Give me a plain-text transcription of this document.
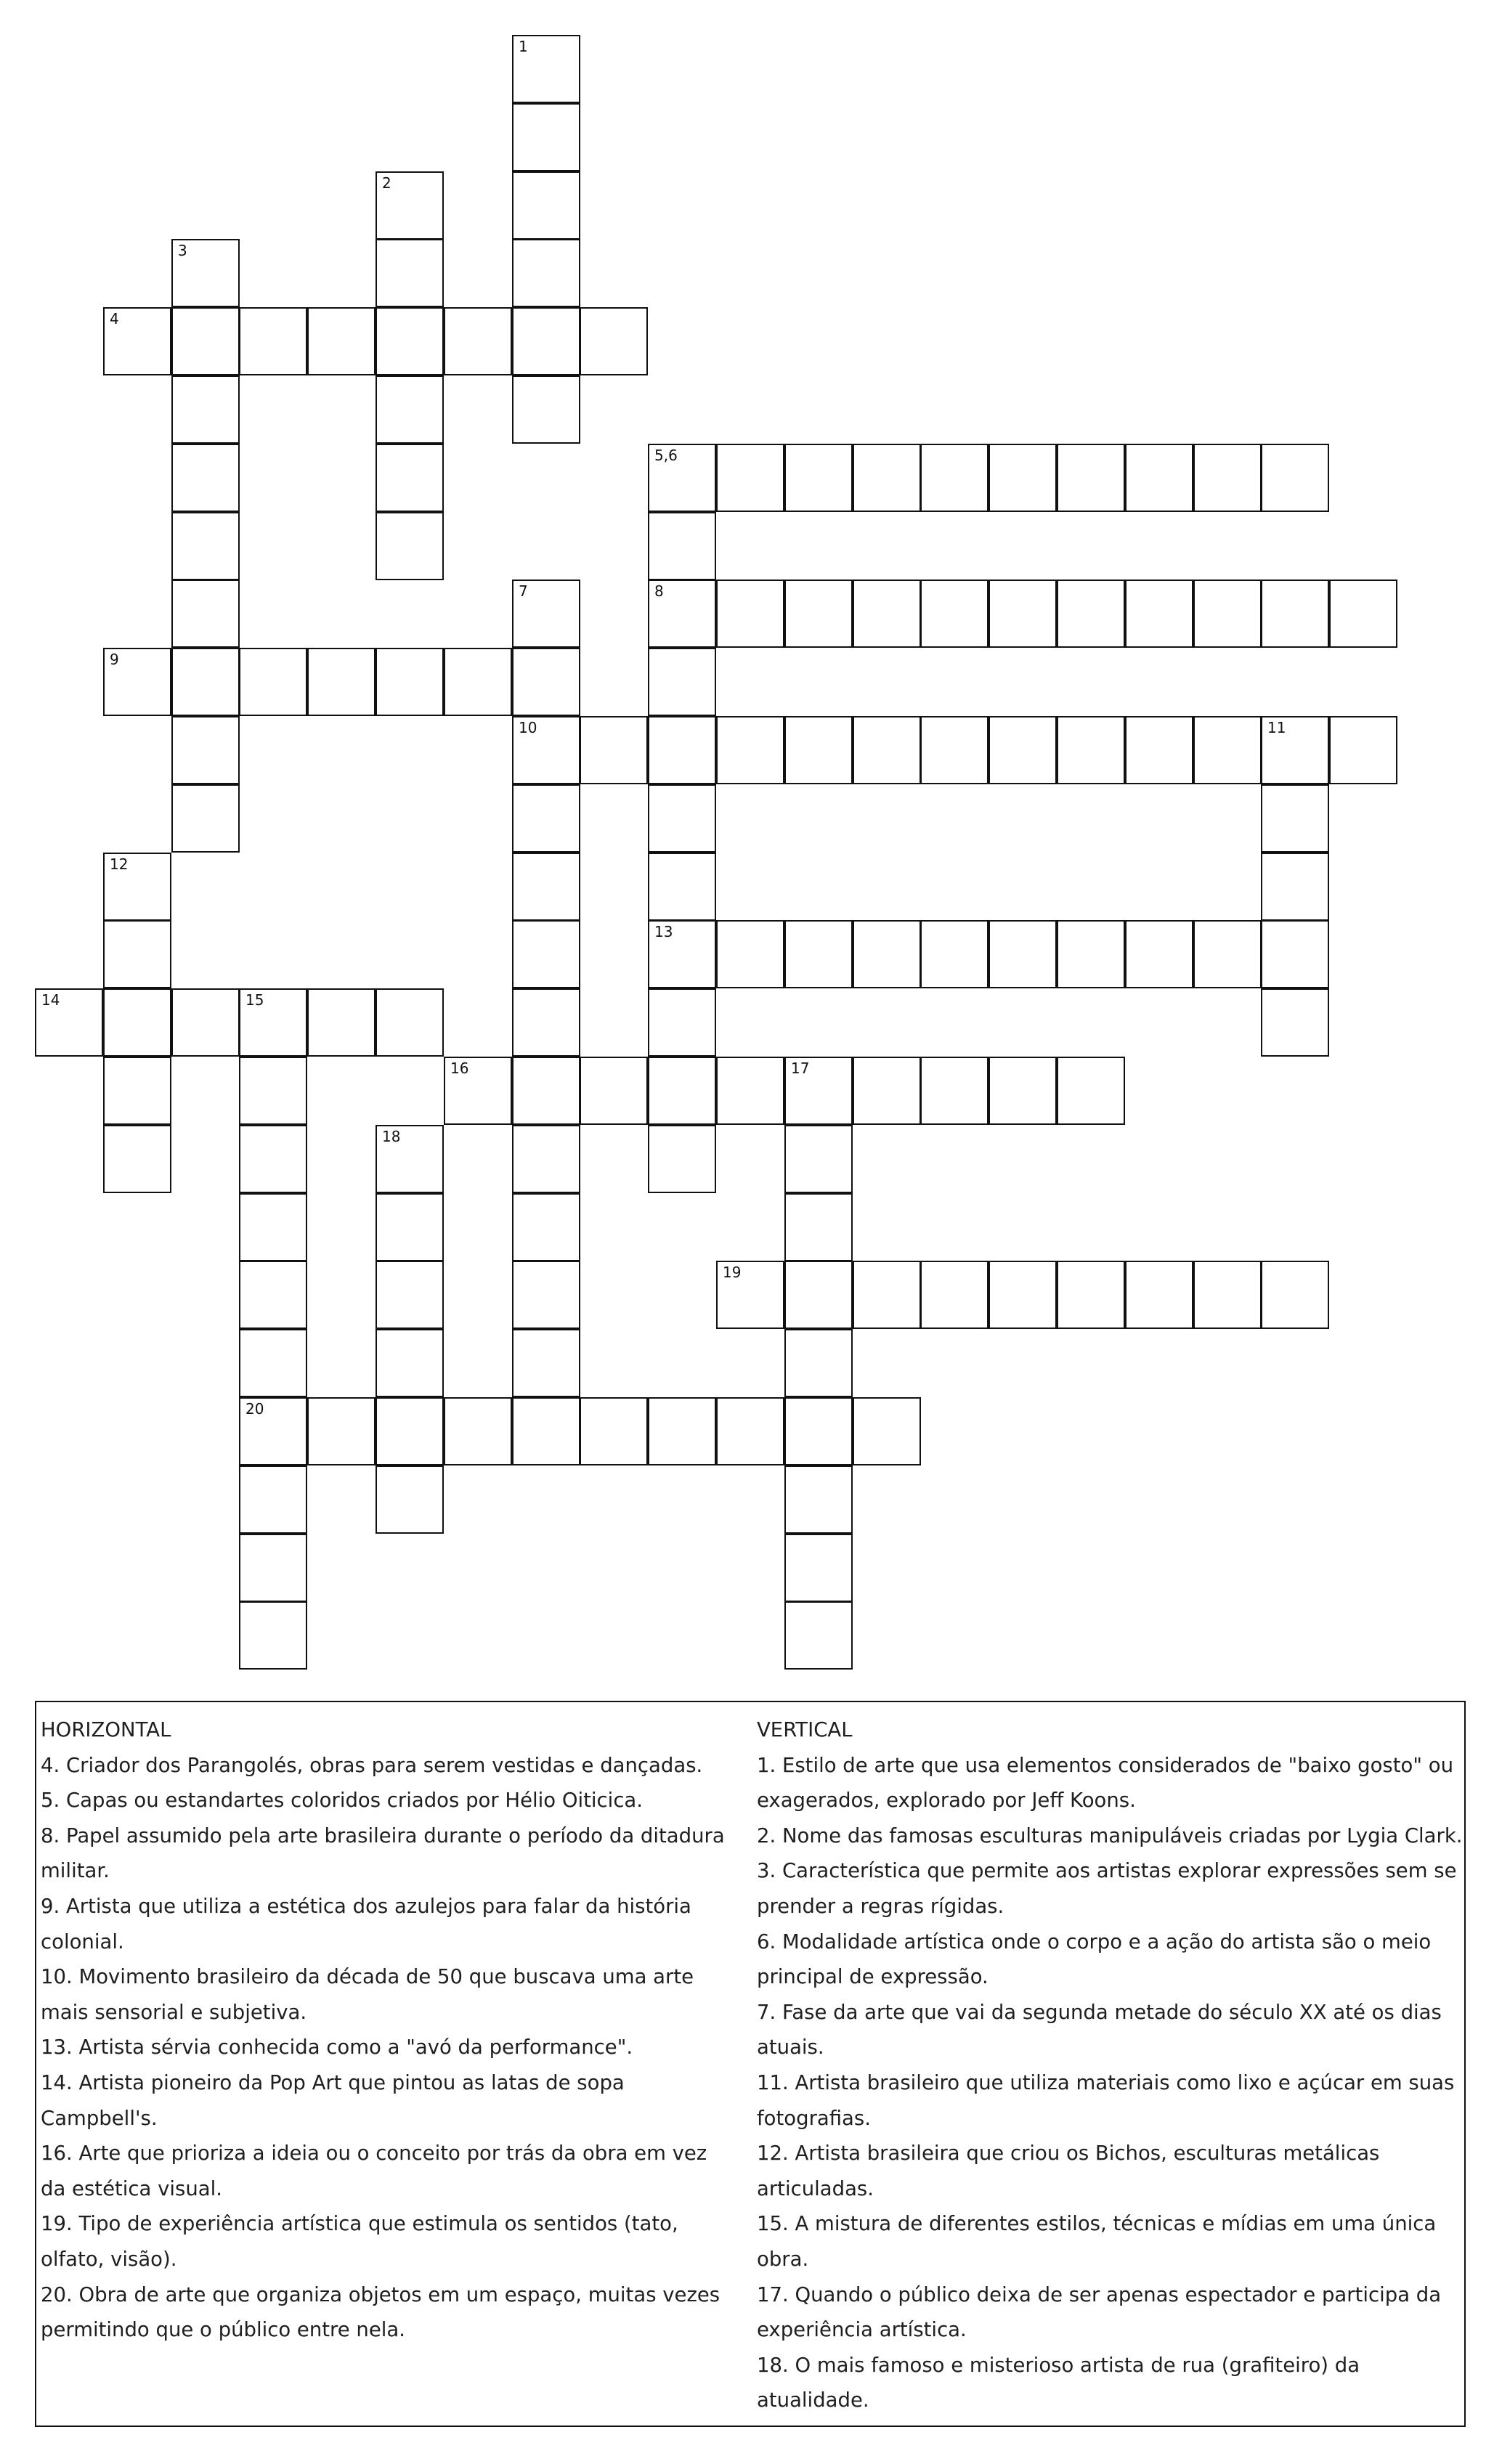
1
2
3
4
5,6
7	8
9
10	11
12
13
14	15
16	17
18
19
20
HORIZONTAL
4. Criador dos Parangolés, obras para serem vestidas e dançadas.
5. Capas ou estandartes coloridos criados por Hélio Oiticica.
8. Papel assumido pela arte brasileira durante o período da ditadura militar.
9. Artista que utiliza a estética dos azulejos para falar da história colonial.
10. Movimento brasileiro da década de 50 que buscava uma arte mais sensorial e subjetiva.
13. Artista sérvia conhecida como a "avó da performance".
14. Artista pioneiro da Pop Art que pintou as latas de sopa Campbell's.
16. Arte que prioriza a ideia ou o conceito por trás da obra em vez da estética visual.
19. Tipo de experiência artística que estimula os sentidos (tato, olfato, visão).
20. Obra de arte que organiza objetos em um espaço, muitas vezes permitindo que o público entre nela.
VERTICAL
1. Estilo de arte que usa elementos considerados de "baixo gosto" ou exagerados, explorado por Jeff Koons.
2. Nome das famosas esculturas manipuláveis criadas por Lygia Clark.
3. Característica que permite aos artistas explorar expressões sem se prender a regras rígidas.
6. Modalidade artística onde o corpo e a ação do artista são o meio principal de expressão.
7. Fase da arte que vai da segunda metade do século XX até os dias atuais.
11. Artista brasileiro que utiliza materiais como lixo e açúcar em suas fotografias.
12. Artista brasileira que criou os Bichos, esculturas metálicas articuladas.
15. A mistura de diferentes estilos, técnicas e mídias em uma única obra.
17. Quando o público deixa de ser apenas espectador e participa da experiência artística.
18. O mais famoso e misterioso artista de rua (grafiteiro) da atualidade.
